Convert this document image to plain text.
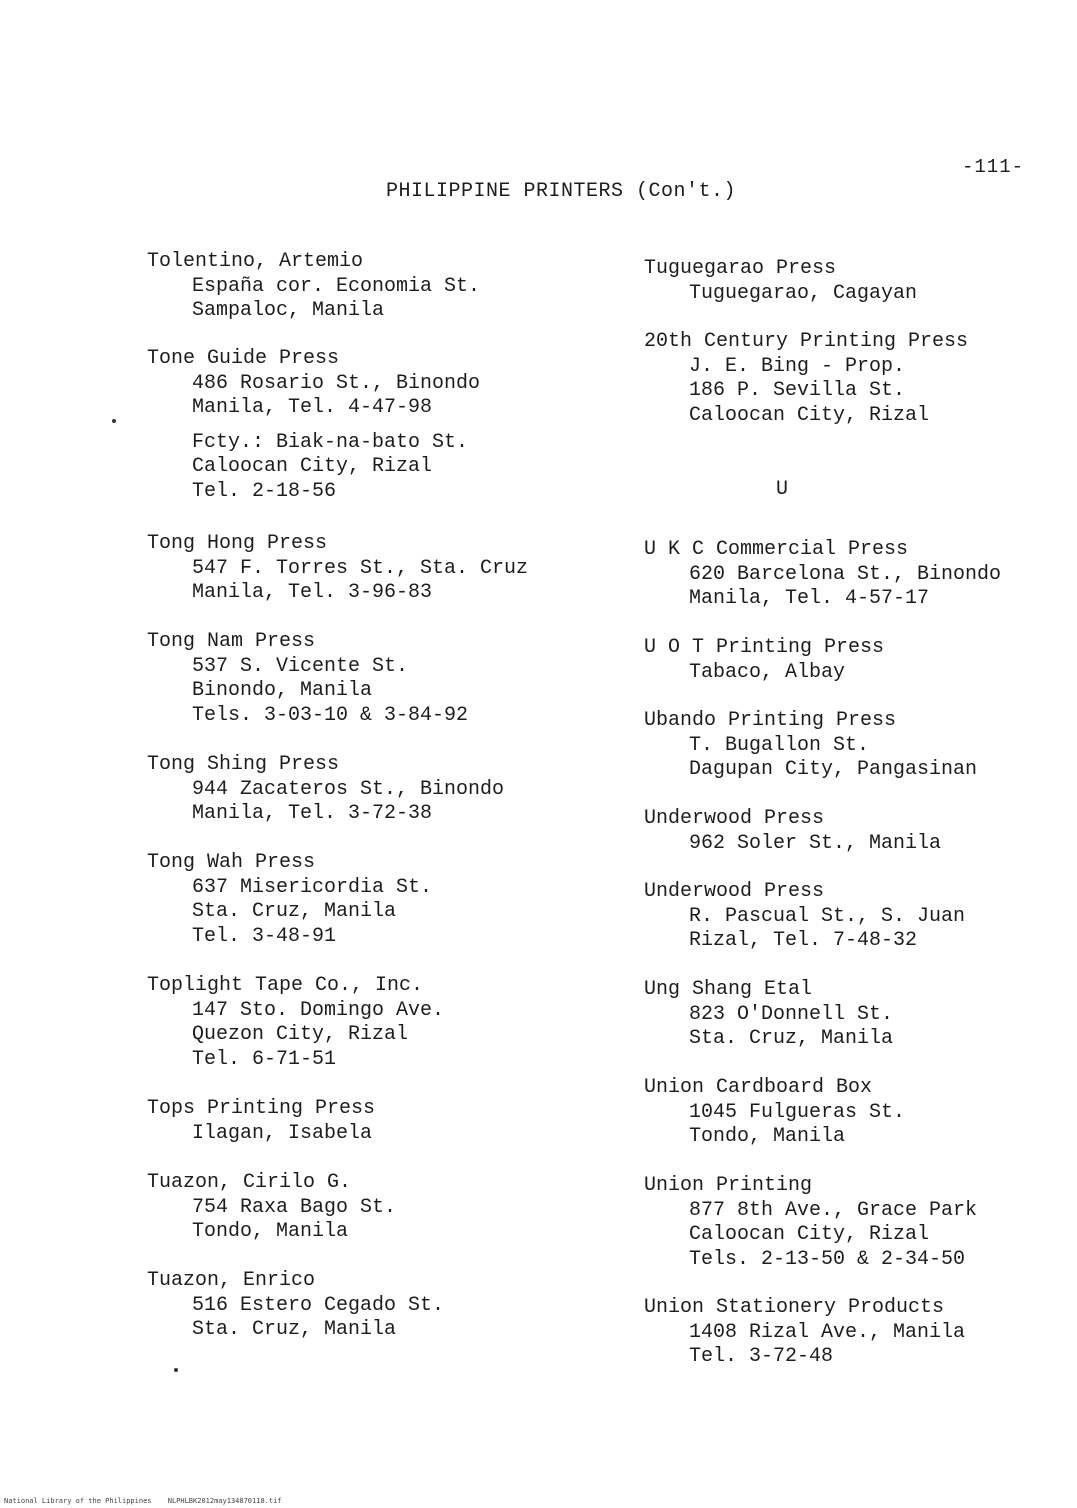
-111-
PHILIPPINE PRINTERS (Con't.)
Tolentino, Artemio
España cor. Economia St.
Sampaloc, Manila
Tone Guide Press
486 Rosario St., Binondo
Manila, Tel. 4-47-98
Fcty.: Biak-na-bato St.
Caloocan City, Rizal
Tel. 2-18-56
Tong Hong Press
547 F. Torres St., Sta. Cruz
Manila, Tel. 3-96-83
Tong Nam Press
537 S. Vicente St.
Binondo, Manila
Tels. 3-03-10 & 3-84-92
Tong Shing Press
944 Zacateros St., Binondo
Manila, Tel. 3-72-38
Tong Wah Press
637 Misericordia St.
Sta. Cruz, Manila
Tel. 3-48-91
Toplight Tape Co., Inc.
147 Sto. Domingo Ave.
Quezon City, Rizal
Tel. 6-71-51
Tops Printing Press
Ilagan, Isabela
Tuazon, Cirilo G.
754 Raxa Bago St.
Tondo, Manila
Tuazon, Enrico
516 Estero Cegado St.
Sta. Cruz, Manila
Tuguegarao Press
Tuguegarao, Cagayan
20th Century Printing Press
J. E. Bing - Prop.
186 P. Sevilla St.
Caloocan City, Rizal
U K C Commercial Press
620 Barcelona St., Binondo
Manila, Tel. 4-57-17
U O T Printing Press
Tabaco, Albay
Ubando Printing Press
T. Bugallon St.
Dagupan City, Pangasinan
Underwood Press
962 Soler St., Manila
Underwood Press
R. Pascual St., S. Juan
Rizal, Tel. 7-48-32
Ung Shang Etal
823 O'Donnell St.
Sta. Cruz, Manila
Union Cardboard Box
1045 Fulgueras St.
Tondo, Manila
Union Printing
877 8th Ave., Grace Park
Caloocan City, Rizal
Tels. 2-13-50 & 2-34-50
Union Stationery Products
1408 Rizal Ave., Manila
Tel. 3-72-48
U
National Library of the Philippines NLPHLBK2012may134870118.tif
